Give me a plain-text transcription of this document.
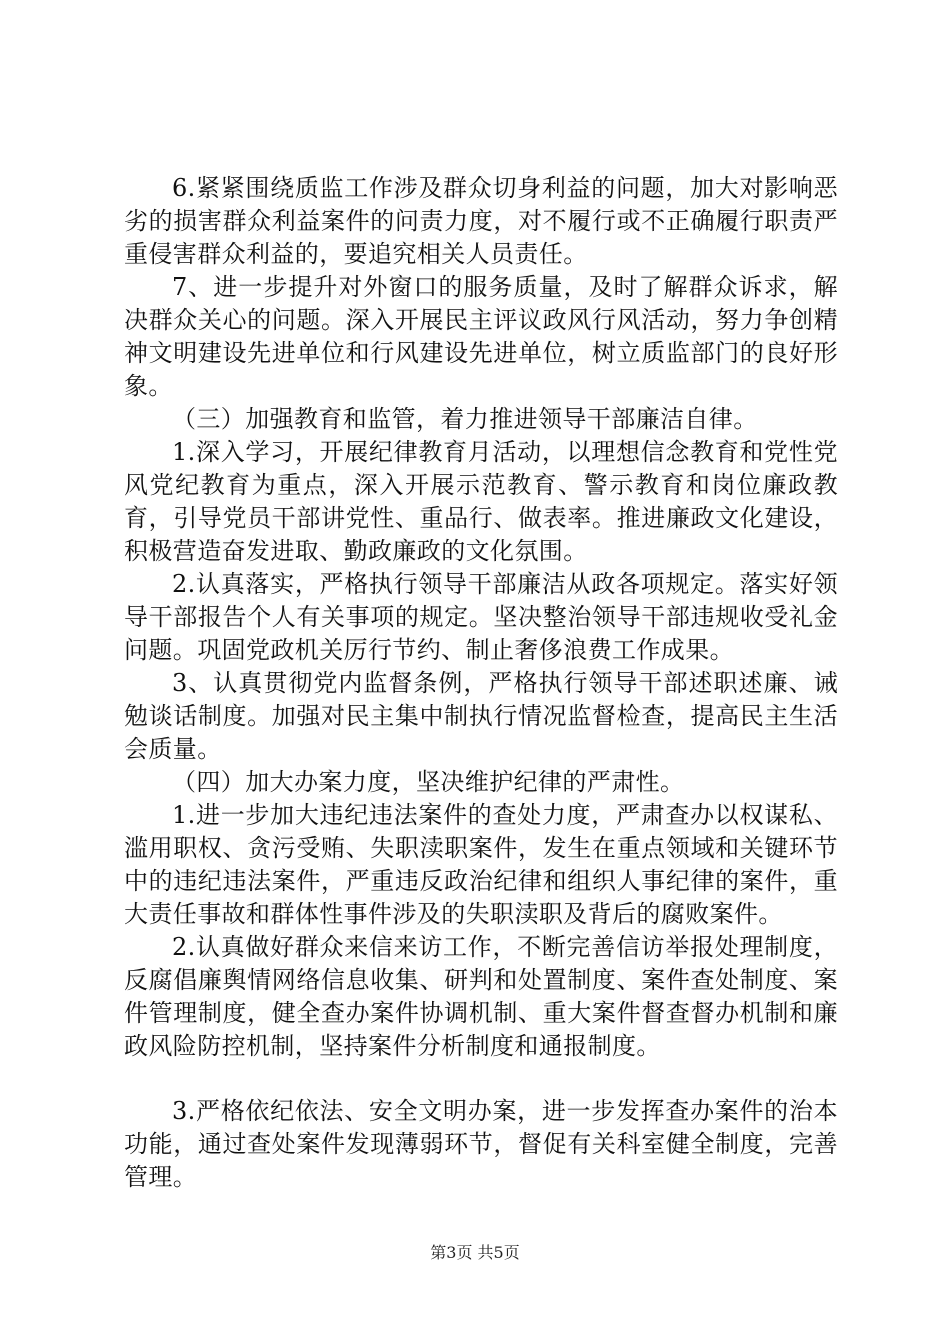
6.紧紧围绕质监工作涉及群众切身利益的问题，加大对影响恶劣的损害群众利益案件的问责力度，对不履行或不正确履行职责严重侵害群众利益的，要追究相关人员责任。

7、进一步提升对外窗口的服务质量，及时了解群众诉求，解决群众关心的问题。深入开展民主评议政风行风活动，努力争创精神文明建设先进单位和行风建设先进单位，树立质监部门的良好形象。

（三）加强教育和监管，着力推进领导干部廉洁自律。

1.深入学习，开展纪律教育月活动，以理想信念教育和党性党风党纪教育为重点，深入开展示范教育、警示教育和岗位廉政教育，引导党员干部讲党性、重品行、做表率。推进廉政文化建设，积极营造奋发进取、勤政廉政的文化氛围。

2.认真落实，严格执行领导干部廉洁从政各项规定。落实好领导干部报告个人有关事项的规定。坚决整治领导干部违规收受礼金问题。巩固党政机关厉行节约、制止奢侈浪费工作成果。

3、认真贯彻党内监督条例，严格执行领导干部述职述廉、诫勉谈话制度。加强对民主集中制执行情况监督检查，提高民主生活会质量。

（四）加大办案力度，坚决维护纪律的严肃性。

1.进一步加大违纪违法案件的查处力度，严肃查办以权谋私、滥用职权、贪污受贿、失职渎职案件，发生在重点领域和关键环节中的违纪违法案件，严重违反政治纪律和组织人事纪律的案件，重大责任事故和群体性事件涉及的失职渎职及背后的腐败案件。

2.认真做好群众来信来访工作，不断完善信访举报处理制度，反腐倡廉舆情网络信息收集、研判和处置制度、案件查处制度、案件管理制度，健全查办案件协调机制、重大案件督查督办机制和廉政风险防控机制，坚持案件分析制度和通报制度。

3.严格依纪依法、安全文明办案，进一步发挥查办案件的治本功能，通过查处案件发现薄弱环节，督促有关科室健全制度，完善管理。

第3页 共5页
